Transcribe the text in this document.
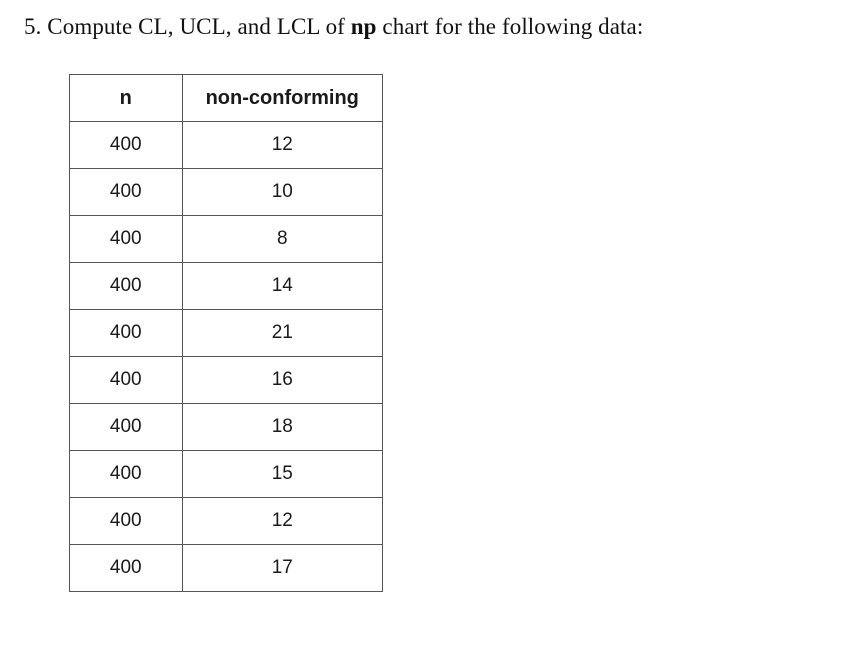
5. Compute CL, UCL, and LCL of np chart for the following data:
n	non-conforming
400	12
400	10
400	8
400	14
400	21
400	16
400	18
400	15
400	12
400	17
